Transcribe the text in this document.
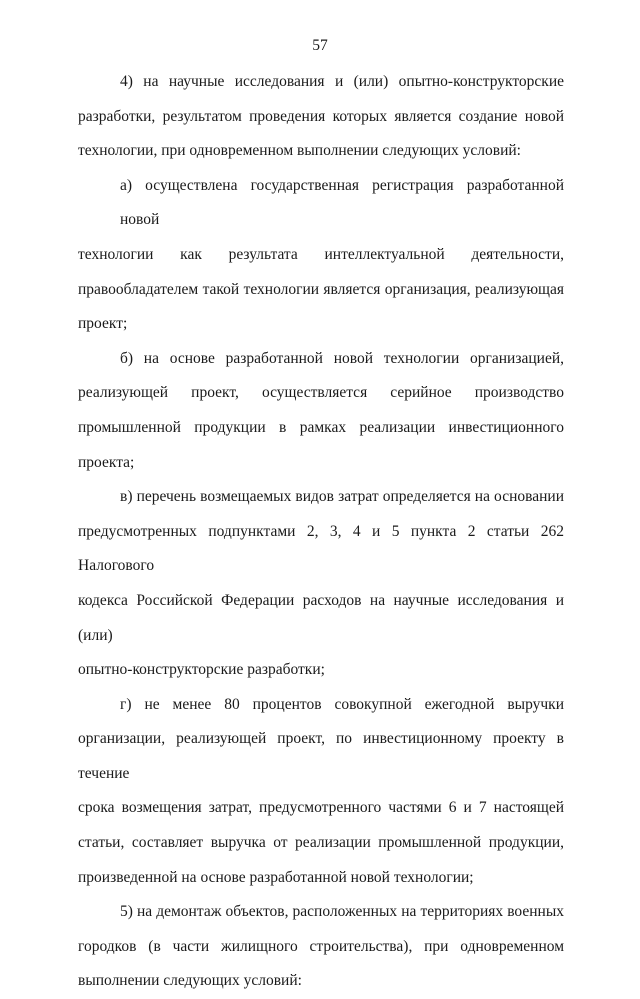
57

4) на научные исследования и (или) опытно-конструкторские
разработки, результатом проведения которых является создание новой
технологии, при одновременном выполнении следующих условий:

а) осуществлена государственная регистрация разработанной новой
технологии как результата интеллектуальной деятельности,
правообладателем такой технологии является организация, реализующая
проект;

б) на основе разработанной новой технологии организацией,
реализующей проект, осуществляется серийное производство
промышленной продукции в рамках реализации инвестиционного проекта;

в) перечень возмещаемых видов затрат определяется на основании
предусмотренных подпунктами 2, 3, 4 и 5 пункта 2 статьи 262 Налогового
кодекса Российской Федерации расходов на научные исследования и (или)
опытно-конструкторские разработки;

г) не менее 80 процентов совокупной ежегодной выручки
организации, реализующей проект, по инвестиционному проекту в течение
срока возмещения затрат, предусмотренного частями 6 и 7 настоящей
статьи, составляет выручка от реализации промышленной продукции,
произведенной на основе разработанной новой технологии;

5) на демонтаж объектов, расположенных на территориях военных
городков (в части жилищного строительства), при одновременном
выполнении следующих условий:
